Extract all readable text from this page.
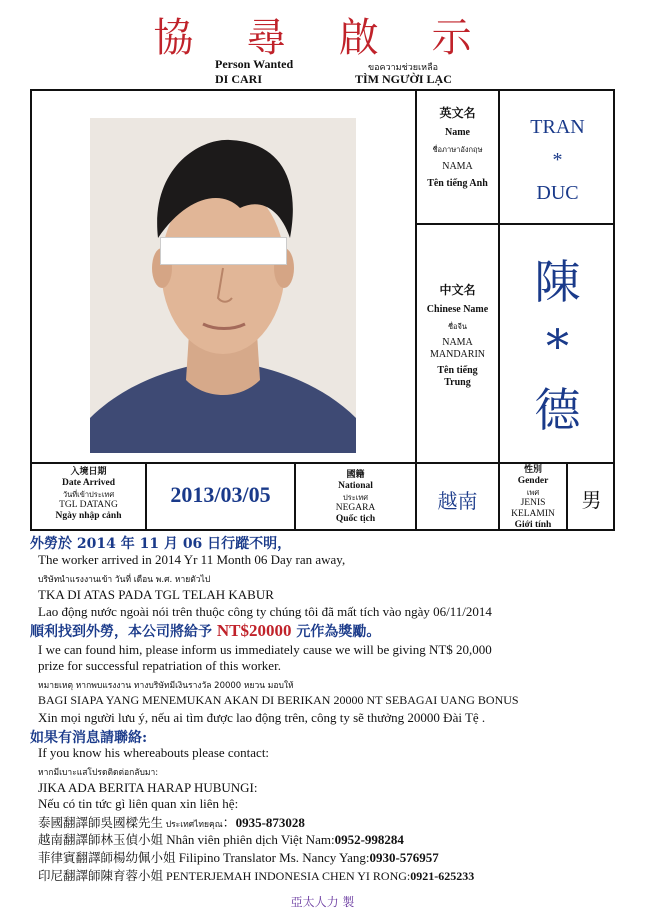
協 尋 啟 示
Person Wanted	ขอความช่วยเหลือ
DI CARI	TÌM NGƯỜI LẠC
英文名
Name
ชื่อภาษาอังกฤษ
NAMA
Tên tiếng Anh
TRAN
*
DUC
中文名
Chinese Name
ชื่อจีน
NAMA
MANDARIN
Tên tiếng
Trung
陳
*
德
入境日期
Date Arrived
วันที่เข้าประเทศ
TGL DATANG
Ngày nhập cảnh
2013/03/05
國籍
National
ประเทศ
NEGARA
Quốc tịch
越南
性別
Gender
เพศ
JENIS
KELAMIN
Giới tính
男
外勞於 2014 年 11 月 06 日行蹤不明，
The worker arrived in 2014 Yr 11 Month 06 Day ran away,
บริษัทนำแรงงานเข้า วันที่ เดือน พ.ศ. หายตัวไป
TKA DI ATAS PADA TGL TELAH KABUR
Lao động nước ngoài nói trên thuộc công ty chúng tôi đã mất tích vào ngày 06/11/2014
順利找到外勞，本公司將給予 NT$20000 元作為獎勵。
I we can found him, please inform us immediately cause we will be giving NT$ 20,000
prize for successful repatriation of this worker.
หมายเหตุ หากพบแรงงาน ทางบริษัทมีเงินรางวัล 20000 หยวน มอบให้
BAGI SIAPA YANG MENEMUKAN AKAN DI BERIKAN 20000 NT SEBAGAI UANG BONUS
Xin mọi người lưu ý, nếu ai tìm được lao động trên, công ty sẽ thưởng 20000 Đài Tệ .
如果有消息請聯絡:
If you know his whereabouts please contact:
หากมีเบาะแสโปรดติดต่อกลับมา:
JIKA ADA BERITA HARAP HUBUNGI:
Nếu có tin tức gì liên quan xin liên hệ:
泰國翻譯師吳國樑先生 ประเทศไทยคุณ：0935-873028
越南翻譯師林玉偵小姐 Nhân viên phiên dịch Việt Nam:0952-998284
菲律賓翻譯師楊幼佩小姐 Filipino Translator Ms. Nancy Yang:0930-576957
印尼翻譯師陳育蓉小姐 PENTERJEMAH INDONESIA CHEN YI RONG:0921-625233
亞太人力 製
